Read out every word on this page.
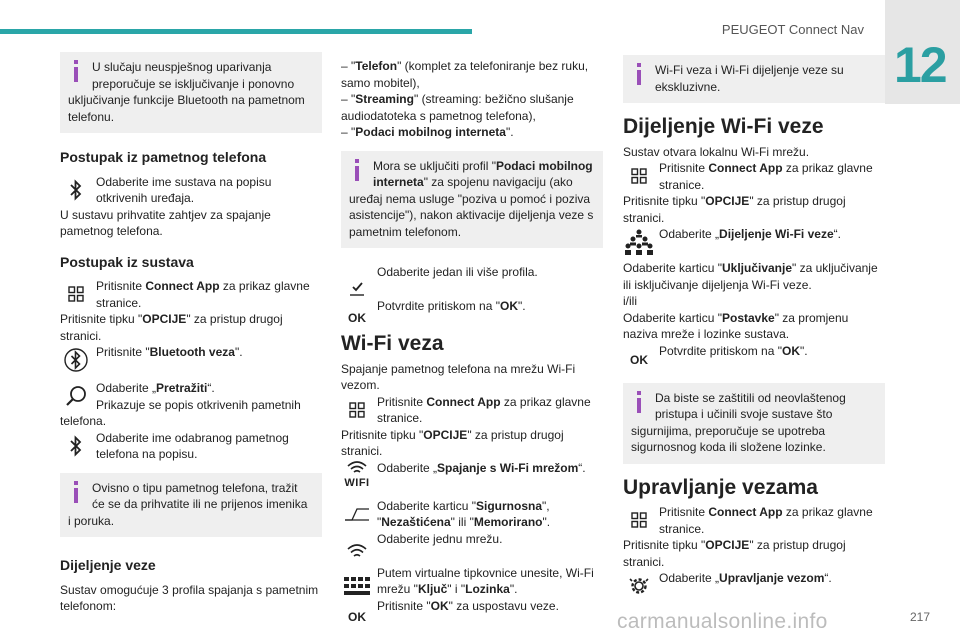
PEUGEOT Connect Nav
12
U slučaju neuspješnog uparivanja
preporučuje se isključivanje i ponovno
uključivanje funkcije Bluetooth na pametnom
telefonu.
Postupak iz pametnog telefona
Odaberite ime sustava na popisu
otkrivenih uređaja.

U sustavu prihvatite zahtjev za spajanje pametnog telefona.

Postupak iz sustava
Pritisnite Connect App za prikaz glavne
stranice.

Pritisnite tipku "OPCIJE" za pristup drugoj stranici.

Pritisnite "Bluetooth veza".
Odaberite „Pretražiti“.
Prikazuje se popis otkrivenih pametnih

telefona.

Odaberite ime odabranog pametnog
telefona na popisu.
Ovisno o tipu pametnog telefona, tražit
će se da prihvatite ili ne prijenos imenika
i poruka.
Dijeljenje veze

Sustav omogućuje 3 profila spajanja s pametnim telefonom:

– "Telefon" (komplet za telefoniranje bez ruku, samo mobitel),

– "Streaming" (streaming: bežično slušanje audiodatoteka s pametnog telefona),

– "Podaci mobilnog interneta".

Mora se uključiti profil "Podaci mobilnog
interneta" za spojenu navigaciju (ako
uređaj nema usluge "poziva u pomoć i poziva
asistencije"), nakon aktivacije dijeljenja veze s
pametnim telefonom.
Odaberite jedan ili više profila.
OK
Potvrdite pritiskom na "OK".
Wi-Fi veza

Spajanje pametnog telefona na mrežu Wi-Fi vezom.

Pritisnite Connect App za prikaz glavne
stranice.

Pritisnite tipku "OPCIJE" za pristup drugoj stranici.

WIFI
Odaberite „Spajanje s Wi-Fi mrežom“.
Odaberite karticu "Sigurnosna", "Nezaštićena" ili "Memorirano".
Odaberite jednu mrežu.
Putem virtualne tipkovnice unesite, Wi-Fi
mrežu "Ključ" i "Lozinka".
OK
Pritisnite "OK" za uspostavu veze.
Wi-Fi veza i Wi-Fi dijeljenje veze su
ekskluzivne.
Dijeljenje Wi-Fi veze

Sustav otvara lokalnu Wi-Fi mrežu.

Pritisnite Connect App za prikaz glavne
stranice.

Pritisnite tipku "OPCIJE" za pristup drugoj stranici.

Odaberite „Dijeljenje Wi-Fi veze“.

Odaberite karticu "Uključivanje" za uključivanje ili isključivanje dijeljenja Wi-Fi veze.

i/ili

Odaberite karticu "Postavke" za promjenu

naziva mreže i lozinke sustava.

OK
Potvrdite pritiskom na "OK".
Da biste se zaštitili od neovlaštenog
pristupa i učinili svoje sustave što
sigurnijima, preporučuje se upotreba
sigurnosnog koda ili složene lozinke.
Upravljanje vezama
Pritisnite Connect App za prikaz glavne
stranice.

Pritisnite tipku "OPCIJE" za pristup drugoj stranici.

Odaberite „Upravljanje vezom“.
carmanualsonline.info	217
